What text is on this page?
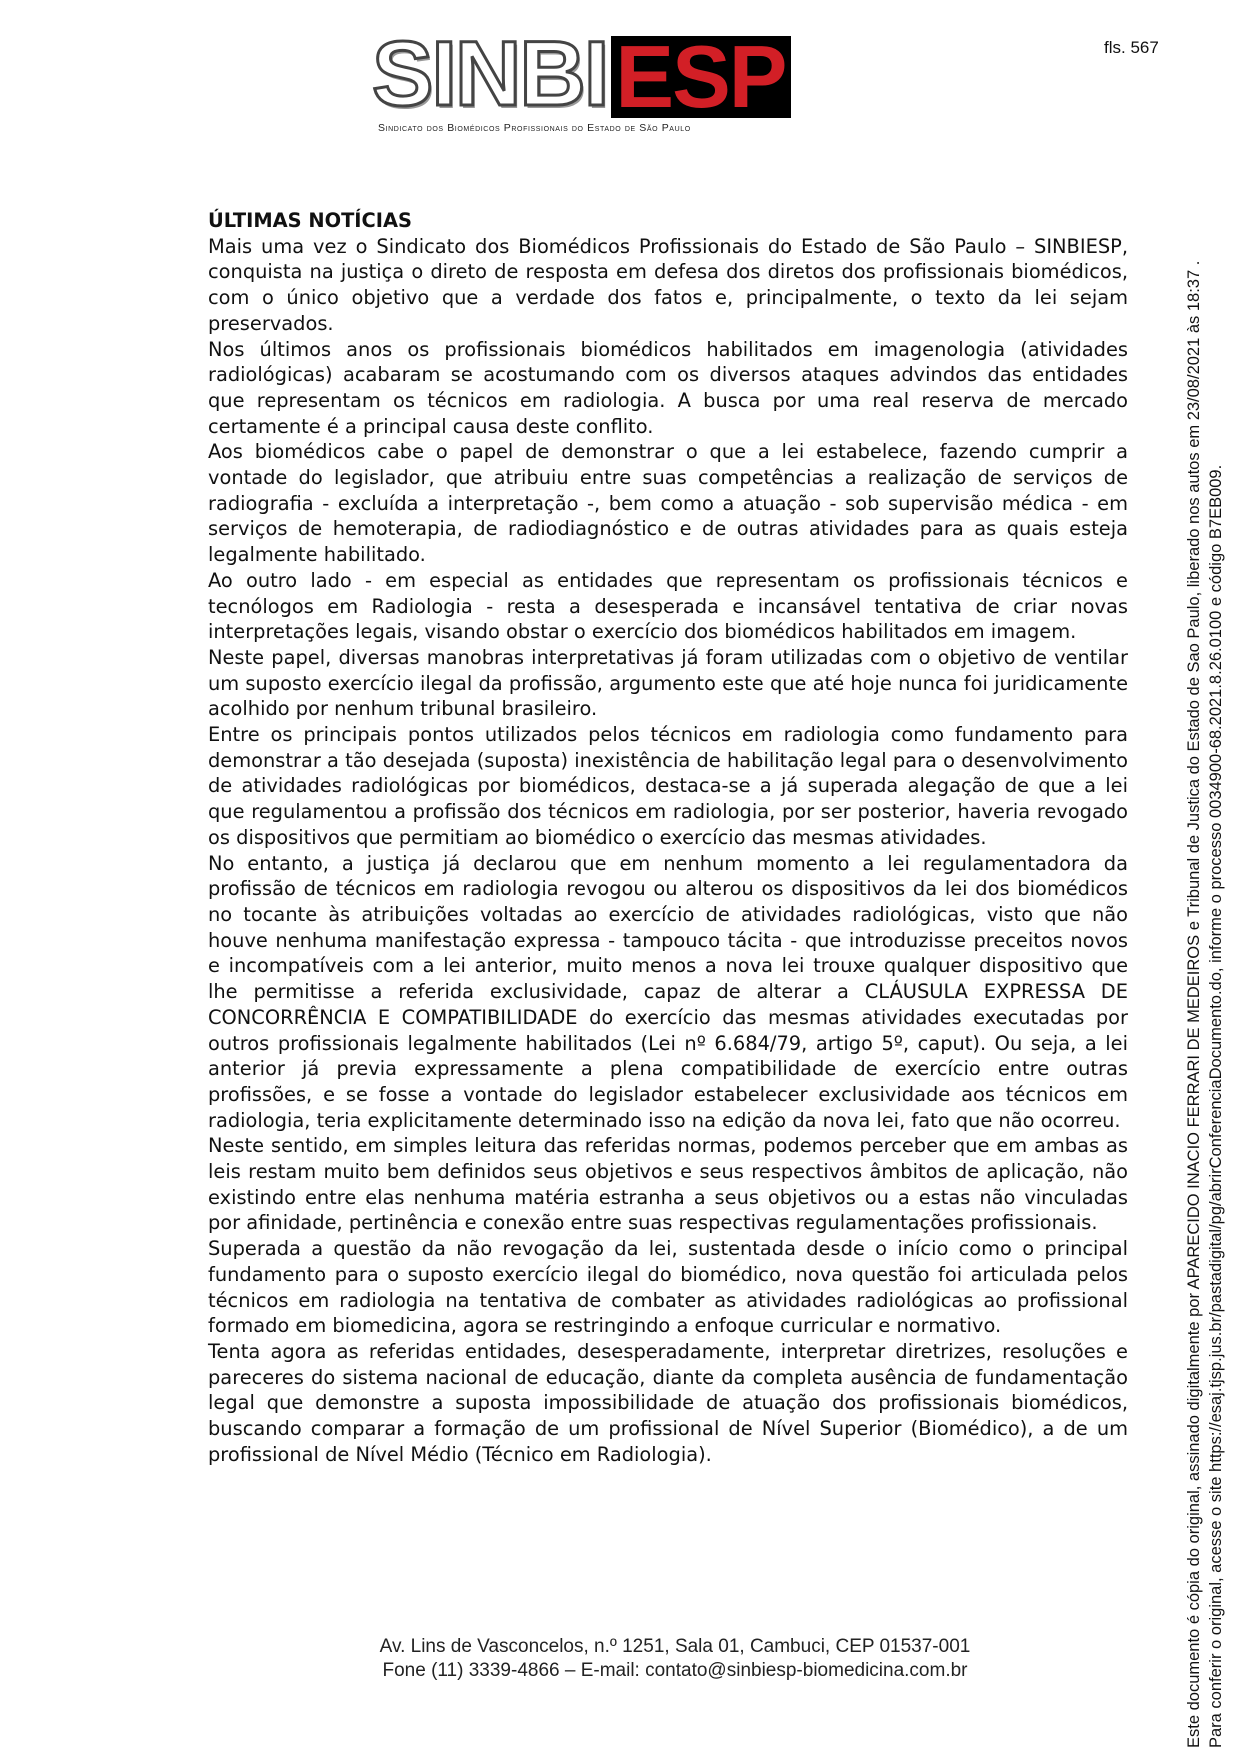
fls. 567
SINBI ESP
Sindicato dos Biomédicos Profissionais do Estado de São Paulo
ÚLTIMAS NOTÍCIAS

Mais uma vez o Sindicato dos Biomédicos Profissionais do Estado de São Paulo – SINBIESP, conquista na justiça o direto de resposta em defesa dos diretos dos profissionais biomédicos, com o único objetivo que a verdade dos fatos e, principalmente, o texto da lei sejam preservados.

Nos últimos anos os profissionais biomédicos habilitados em imagenologia (atividades radiológicas) acabaram se acostumando com os diversos ataques advindos das entidades que representam os técnicos em radiologia. A busca por uma real reserva de mercado certamente é a principal causa deste conflito.

Aos biomédicos cabe o papel de demonstrar o que a lei estabelece, fazendo cumprir a vontade do legislador, que atribuiu entre suas competências a realização de serviços de radiografia - excluída a interpretação -, bem como a atuação - sob supervisão médica - em serviços de hemoterapia, de radiodiagnóstico e de outras atividades para as quais esteja legalmente habilitado.

Ao outro lado - em especial as entidades que representam os profissionais técnicos e tecnólogos em Radiologia - resta a desesperada e incansável tentativa de criar novas interpretações legais, visando obstar o exercício dos biomédicos habilitados em imagem.

Neste papel, diversas manobras interpretativas já foram utilizadas com o objetivo de ventilar um suposto exercício ilegal da profissão, argumento este que até hoje nunca foi juridicamente acolhido por nenhum tribunal brasileiro.

Entre os principais pontos utilizados pelos técnicos em radiologia como fundamento para demonstrar a tão desejada (suposta) inexistência de habilitação legal para o desenvolvimento de atividades radiológicas por biomédicos, destaca-se a já superada alegação de que a lei que regulamentou a profissão dos técnicos em radiologia, por ser posterior, haveria revogado os dispositivos que permitiam ao biomédico o exercício das mesmas atividades.

No entanto, a justiça já declarou que em nenhum momento a lei regulamentadora da profissão de técnicos em radiologia revogou ou alterou os dispositivos da lei dos biomédicos no tocante às atribuições voltadas ao exercício de atividades radiológicas, visto que não houve nenhuma manifestação expressa - tampouco tácita - que introduzisse preceitos novos e incompatíveis com a lei anterior, muito menos a nova lei trouxe qualquer dispositivo que lhe permitisse a referida exclusividade, capaz de alterar a CLÁUSULA EXPRESSA DE CONCORRÊNCIA E COMPATIBILIDADE do exercício das mesmas atividades executadas por outros profissionais legalmente habilitados (Lei nº 6.684/79, artigo 5º, caput). Ou seja, a lei anterior já previa expressamente a plena compatibilidade de exercício entre outras profissões, e se fosse a vontade do legislador estabelecer exclusividade aos técnicos em radiologia, teria explicitamente determinado isso na edição da nova lei, fato que não ocorreu.

Neste sentido, em simples leitura das referidas normas, podemos perceber que em ambas as leis restam muito bem definidos seus objetivos e seus respectivos âmbitos de aplicação, não existindo entre elas nenhuma matéria estranha a seus objetivos ou a estas não vinculadas por afinidade, pertinência e conexão entre suas respectivas regulamentações profissionais.

Superada a questão da não revogação da lei, sustentada desde o início como o principal fundamento para o suposto exercício ilegal do biomédico, nova questão foi articulada pelos técnicos em radiologia na tentativa de combater as atividades radiológicas ao profissional formado em biomedicina, agora se restringindo a enfoque curricular e normativo.

Tenta agora as referidas entidades, desesperadamente, interpretar diretrizes, resoluções e pareceres do sistema nacional de educação, diante da completa ausência de fundamentação legal que demonstre a suposta impossibilidade de atuação dos profissionais biomédicos, buscando comparar a formação de um profissional de Nível Superior (Biomédico), a de um profissional de Nível Médio (Técnico em Radiologia).

Av. Lins de Vasconcelos, n.º 1251, Sala 01, Cambuci, CEP 01537-001
Fone (11) 3339-4866 – E-mail: contato@sinbiesp-biomedicina.com.br	Este documento é cópia do original, assinado digitalmente por APARECIDO INACIO FERRARI DE MEDEIROS e Tribunal de Justica do Estado de Sao Paulo, liberado nos autos em 23/08/2021 às 18:37 . Para conferir o original, acesse o site https://esaj.tjsp.jus.br/pastadigital/pg/abrirConferenciaDocumento.do, informe o processo 0034900-68.2021.8.26.0100 e código B7EB009.
